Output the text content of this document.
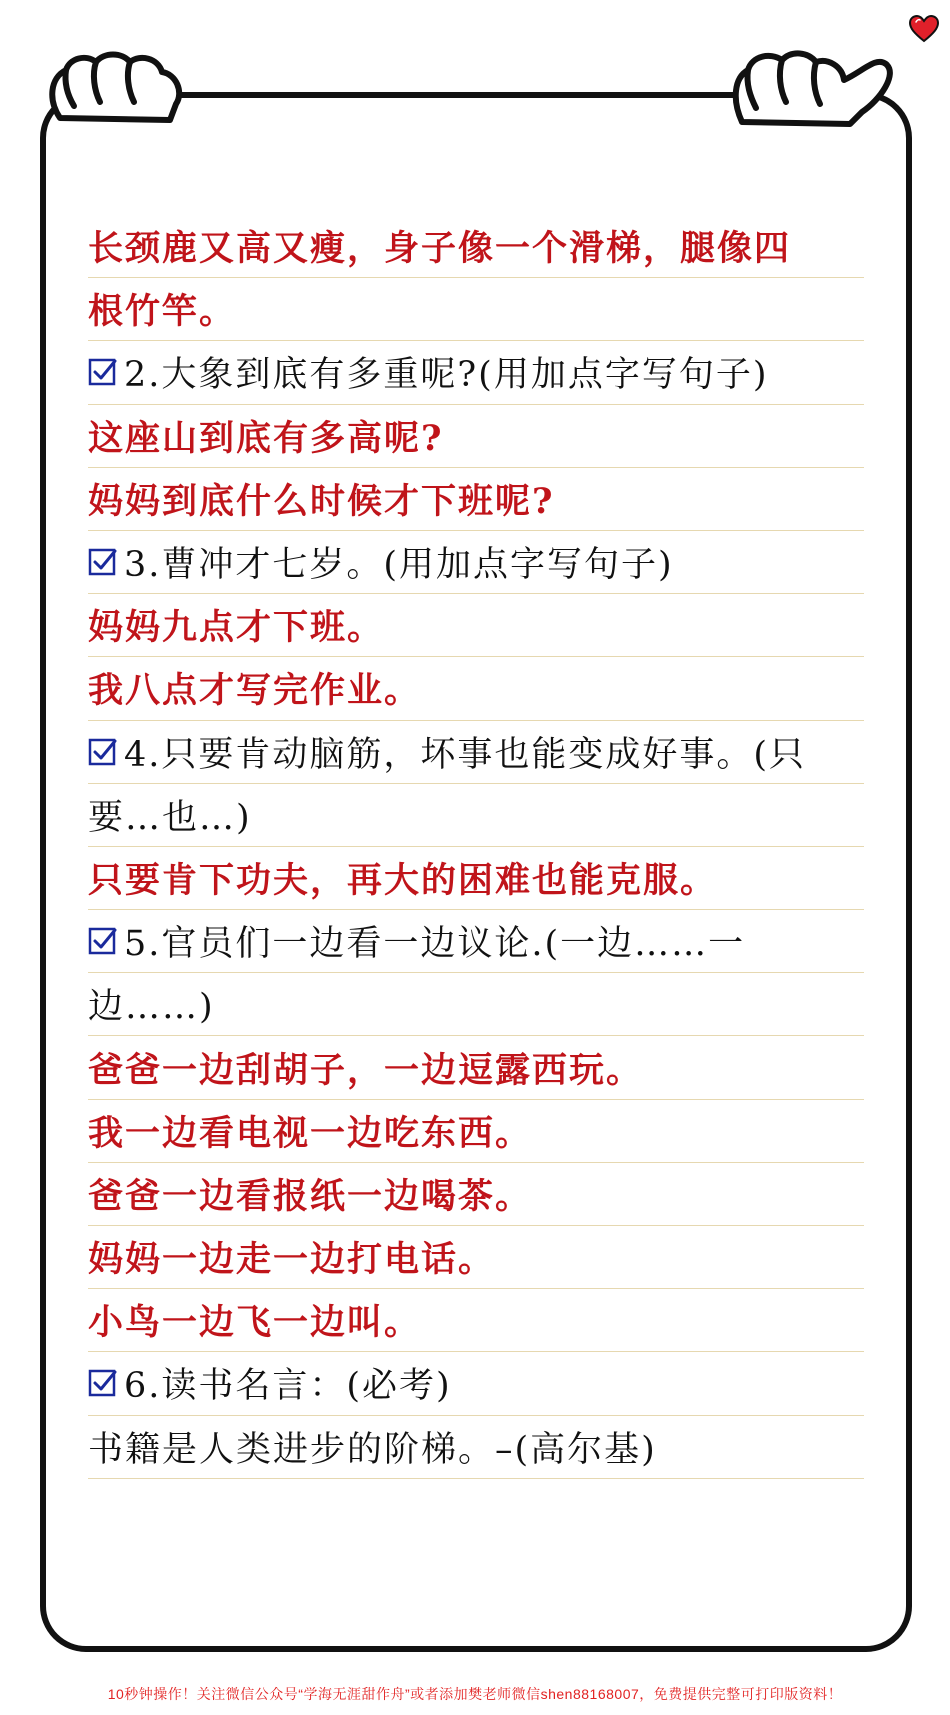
长颈鹿又高又瘦，身子像一个滑梯，腿像四
根竹竿。
2.大象到底有多重呢?(用加点字写句子)
这座山到底有多高呢?
妈妈到底什么时候才下班呢?
3.曹冲才七岁。(用加点字写句子)
妈妈九点才下班。
我八点才写完作业。
4.只要肯动脑筋，坏事也能变成好事。(只
要…也…)
只要肯下功夫，再大的困难也能克服。
5.官员们一边看一边议论.(一边……一
边……)
爸爸一边刮胡子，一边逗露西玩。
我一边看电视一边吃东西。
爸爸一边看报纸一边喝茶。
妈妈一边走一边打电话。
小鸟一边飞一边叫。
6.读书名言：(必考)
书籍是人类进步的阶梯。–(高尔基)
10秒钟操作！关注微信公众号“学海无涯甜作舟”或者添加樊老师微信shen88168007，免费提供完整可打印版资料！
